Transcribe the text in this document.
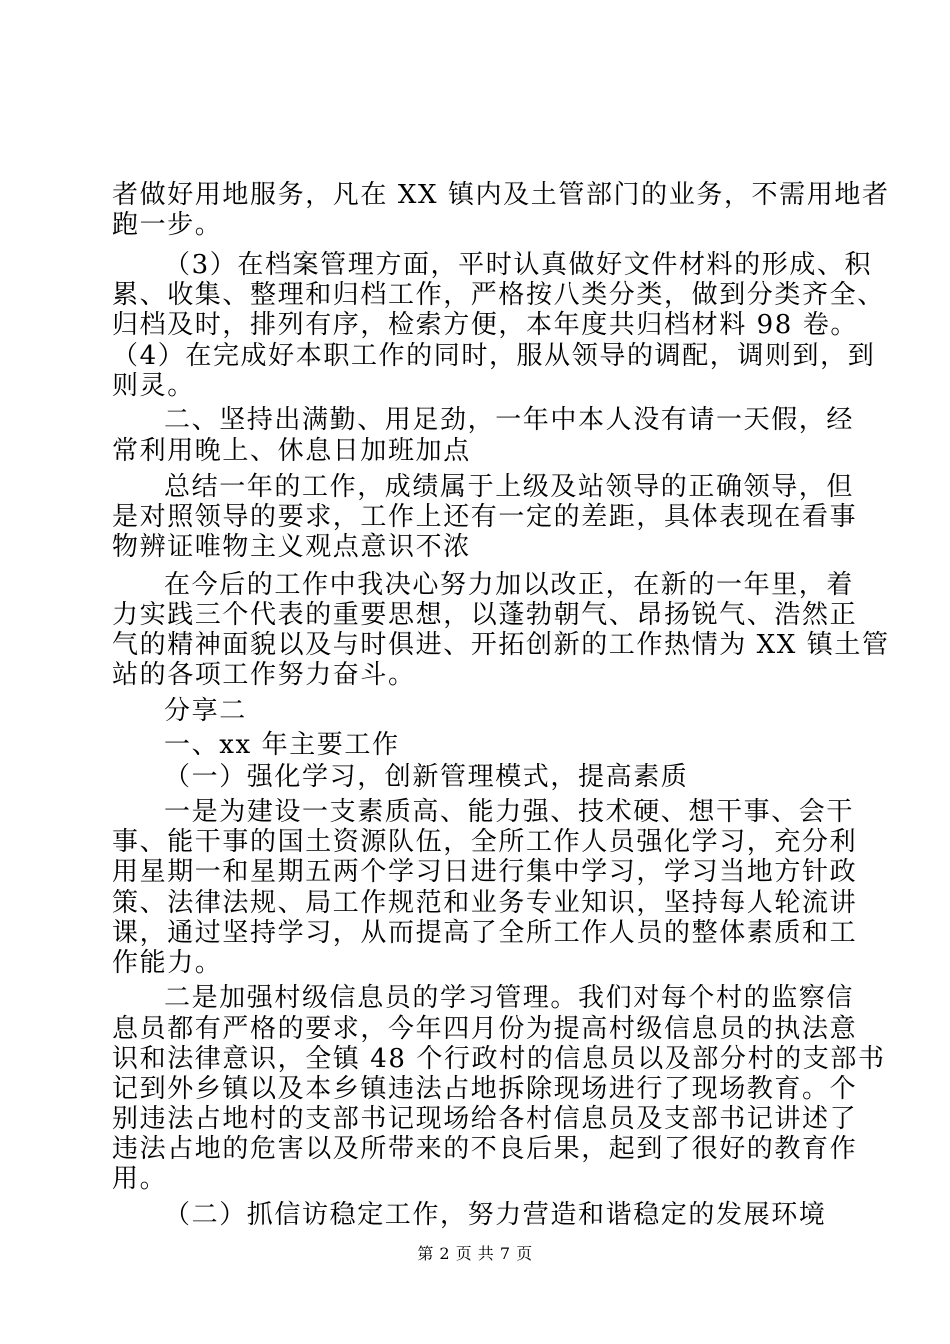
者做好用地服务，凡在 XX 镇内及土管部门的业务，不需用地者
跑一步。
（3）在档案管理方面，平时认真做好文件材料的形成、积
累、收集、整理和归档工作，严格按八类分类，做到分类齐全、
归档及时，排列有序，检索方便，本年度共归档材料 98 卷。
（4）在完成好本职工作的同时，服从领导的调配，调则到，到
则灵。
二、坚持出满勤、用足劲，一年中本人没有请一天假，经
常利用晚上、休息日加班加点
总结一年的工作，成绩属于上级及站领导的正确领导，但
是对照领导的要求，工作上还有一定的差距，具体表现在看事
物辨证唯物主义观点意识不浓
在今后的工作中我决心努力加以改正，在新的一年里，着
力实践三个代表的重要思想，以蓬勃朝气、昂扬锐气、浩然正
气的精神面貌以及与时俱进、开拓创新的工作热情为 XX 镇土管
站的各项工作努力奋斗。
分享二
一、xx 年主要工作
（一）强化学习，创新管理模式，提高素质
一是为建设一支素质高、能力强、技术硬、想干事、会干
事、能干事的国土资源队伍，全所工作人员强化学习，充分利
用星期一和星期五两个学习日进行集中学习，学习当地方针政
策、法律法规、局工作规范和业务专业知识，坚持每人轮流讲
课，通过坚持学习，从而提高了全所工作人员的整体素质和工
作能力。
二是加强村级信息员的学习管理。我们对每个村的监察信
息员都有严格的要求，今年四月份为提高村级信息员的执法意
识和法律意识，全镇 48 个行政村的信息员以及部分村的支部书
记到外乡镇以及本乡镇违法占地拆除现场进行了现场教育。个
别违法占地村的支部书记现场给各村信息员及支部书记讲述了
违法占地的危害以及所带来的不良后果，起到了很好的教育作
用。
（二）抓信访稳定工作，努力营造和谐稳定的发展环境
第 2 页 共 7 页
